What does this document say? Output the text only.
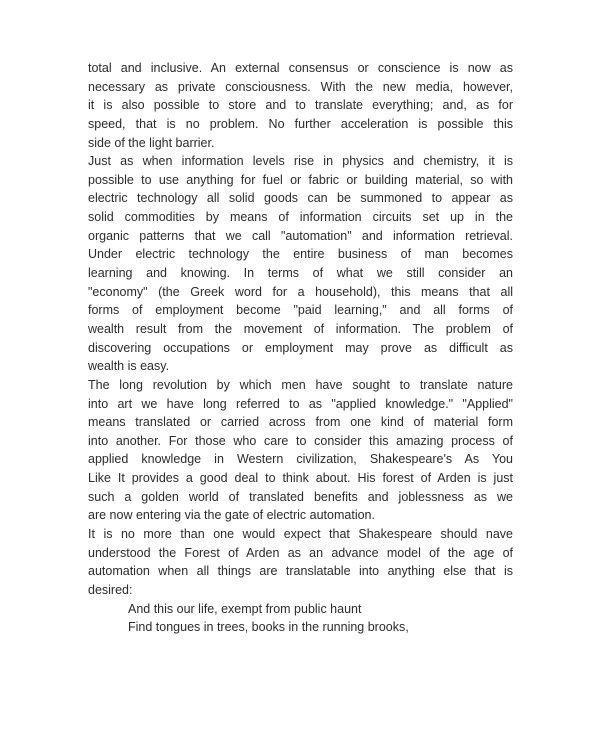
total and inclusive. An external consensus or conscience is now as
necessary as private consciousness. With the new media, however,
it is also possible to store and to translate everything; and, as for
speed, that is no problem. No further acceleration is possible this
side of the light barrier.
Just as when information levels rise in physics and chemistry, it is
possible to use anything for fuel or fabric or building material, so with
electric technology all solid goods can be summoned to appear as
solid commodities by means of information circuits set up in the
organic patterns that we call "automation" and information retrieval.
Under electric technology the entire business of man becomes
learning and knowing. In terms of what we still consider an
"economy" (the Greek word for a household), this means that all
forms of employment become "paid learning," and all forms of
wealth result from the movement of information. The problem of
discovering occupations or employment may prove as difficult as
wealth is easy.
The long revolution by which men have sought to translate nature
into art we have long referred to as "applied knowledge." "Applied"
means translated or carried across from one kind of material form
into another. For those who care to consider this amazing process of
applied knowledge in Western civilization, Shakespeare's As You
Like It provides a good deal to think about. His forest of Arden is just
such a golden world of translated benefits and joblessness as we
are now entering via the gate of electric automation.
It is no more than one would expect that Shakespeare should nave
understood the Forest of Arden as an advance model of the age of
automation when all things are translatable into anything else that is
desired:
And this our life, exempt from public haunt
Find tongues in trees, books in the running brooks,
